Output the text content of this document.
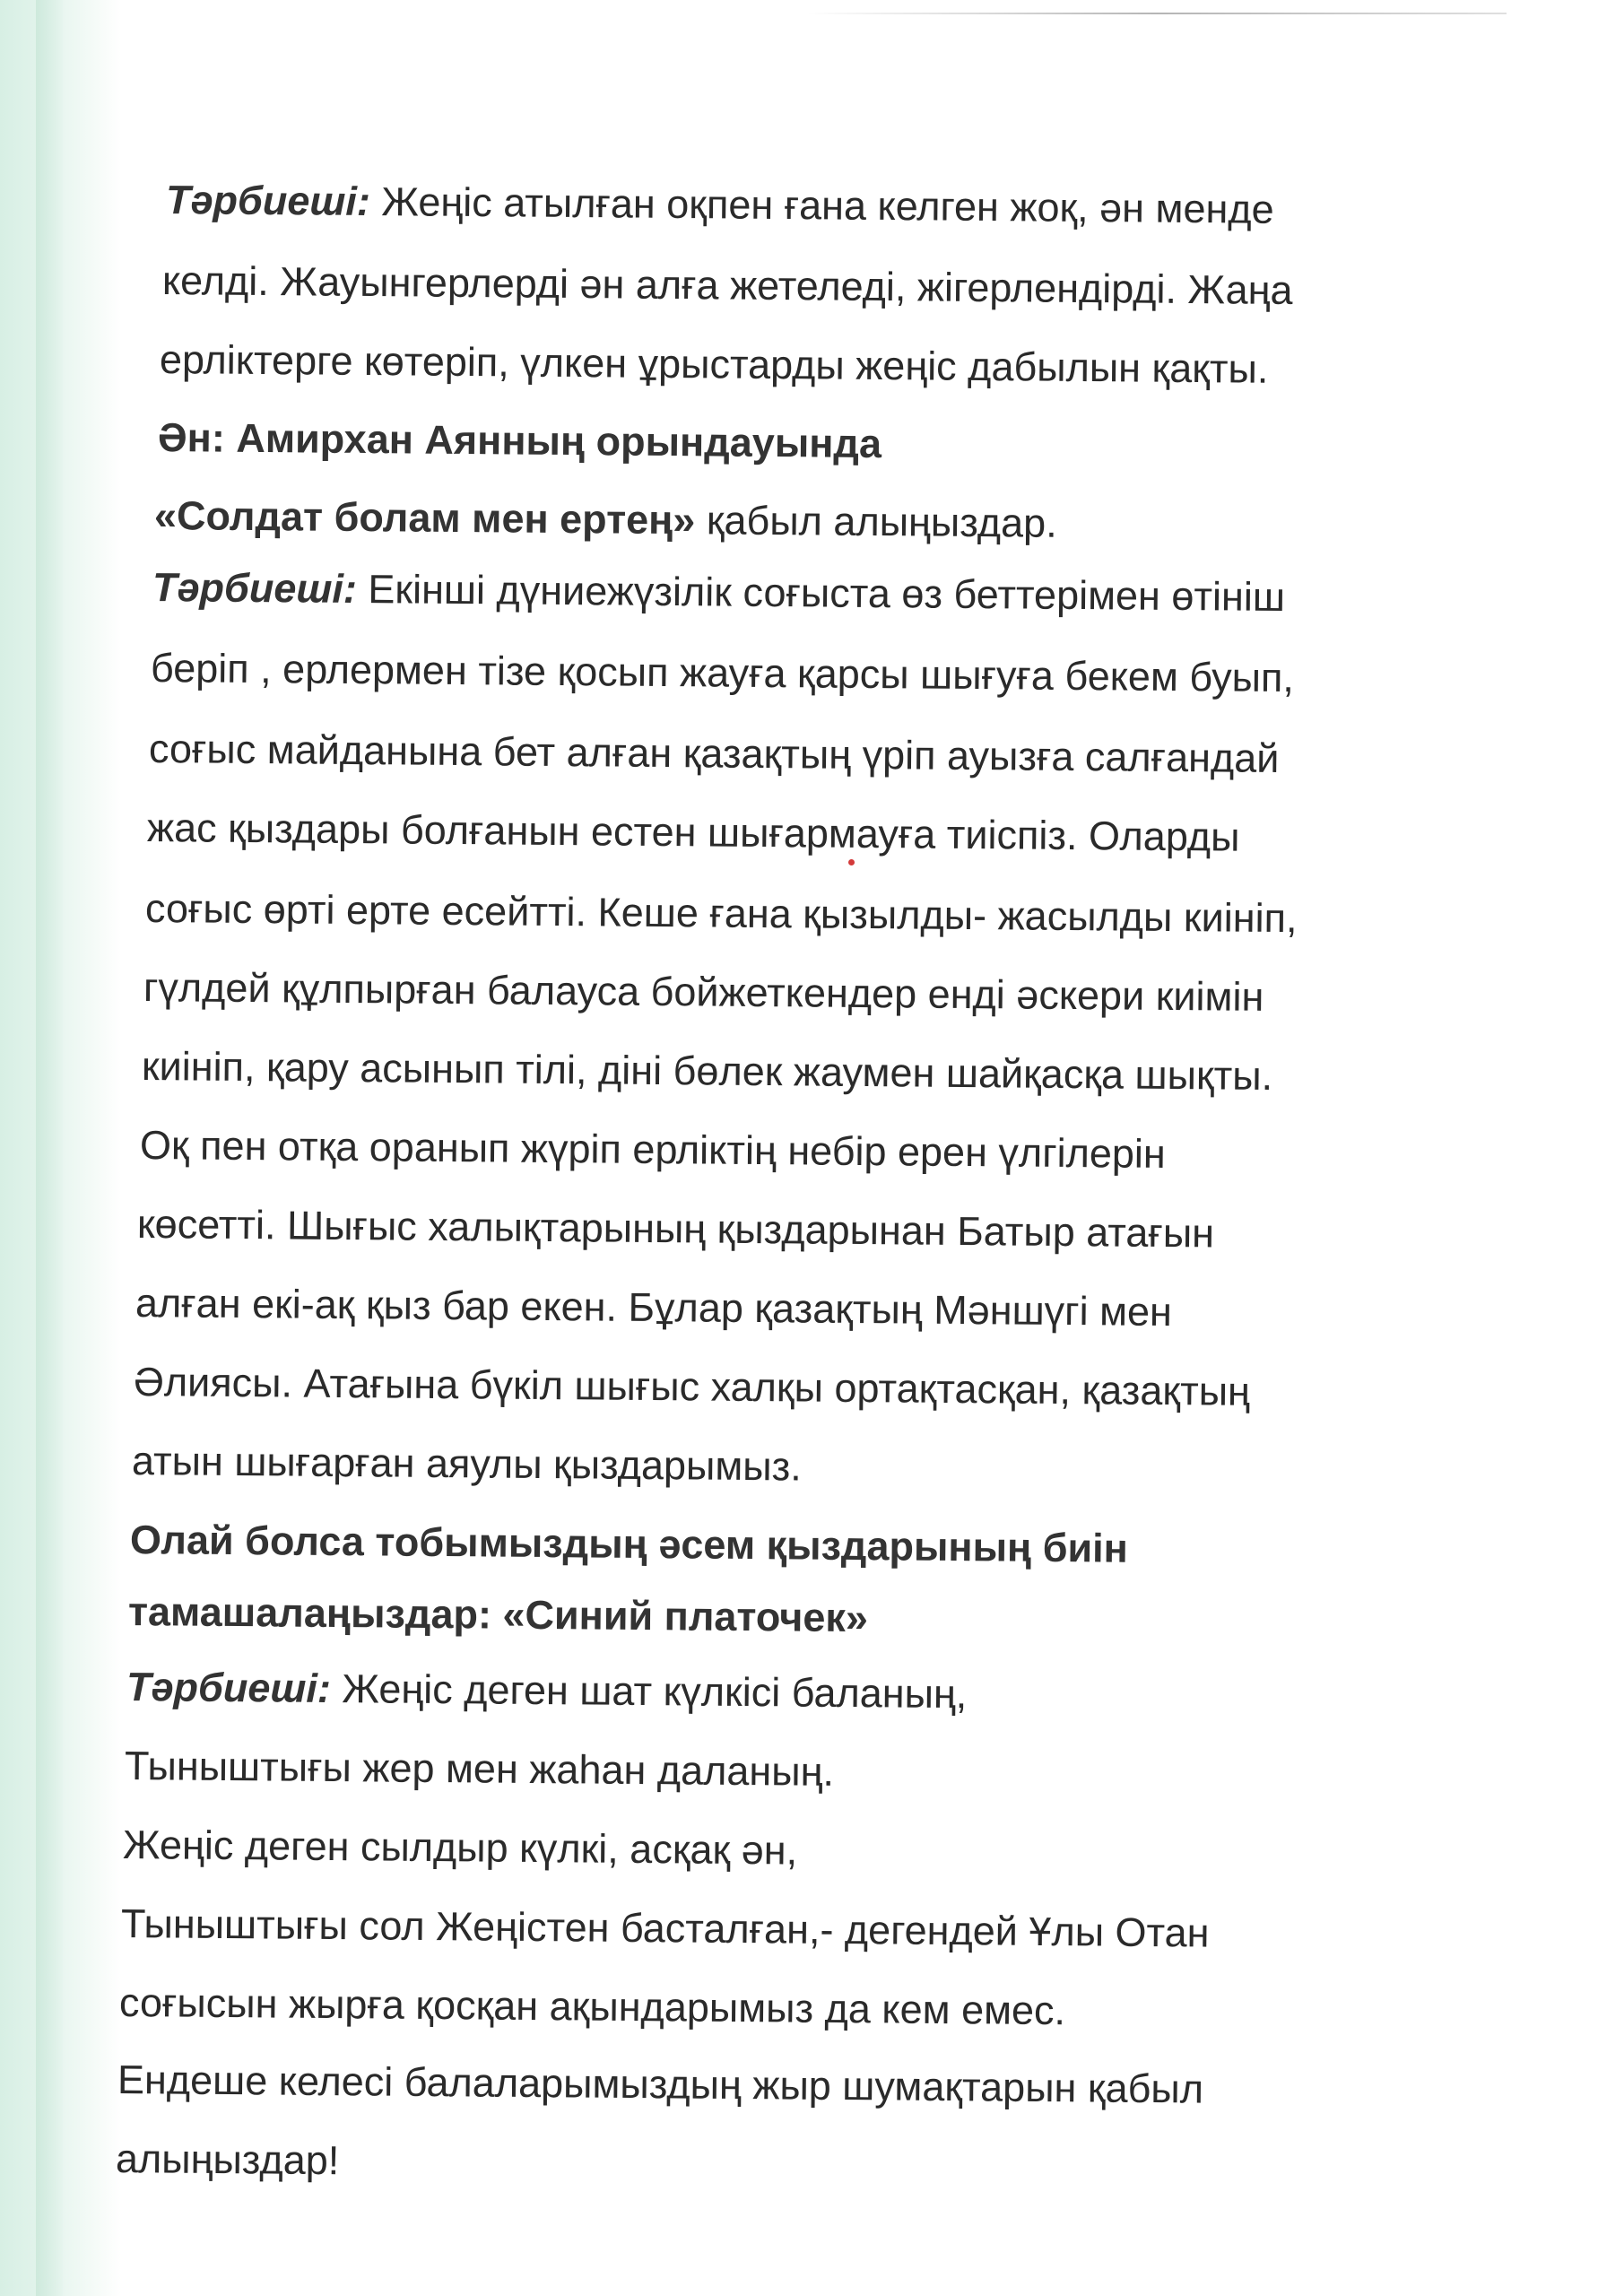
Тәрбиеші: Жеңіс атылған оқпен ғана келген жоқ, ән менде
келді. Жауынгерлерді ән алға жетеледі, жігерлендірді. Жаңа
ерліктерге көтеріп, үлкен ұрыстарды жеңіс дабылын қақты.
Ән: Амирхан Аянның орындауында
«Солдат болам мен ертең» қабыл алыңыздар.
Тәрбиеші: Екінші дүниежүзілік соғыста өз беттерімен өтініш
беріп , ерлермен тізе қосып жауға қарсы шығуға бекем буып,
соғыс майданына бет алған қазақтың үріп ауызға салғандай
жас қыздары болғанын естен шығармауға тиіспіз. Оларды
соғыс өрті ерте есейтті. Кеше ғана қызылды- жасылды киініп,
гүлдей құлпырған балауса бойжеткендер енді әскери киімін
киініп, қару асынып тілі, діні бөлек жаумен шайқасқа шықты.
Оқ пен отқа оранып жүріп ерліктің небір ерен үлгілерін
көсетті. Шығыс халықтарының қыздарынан Батыр атағын
алған екі-ақ қыз бар екен. Бұлар қазақтың Мәншүгі мен
Әлиясы. Атағына бүкіл шығыс халқы ортақтасқан, қазақтың
атын шығарған аяулы қыздарымыз.
Олай болса тобымыздың әсем қыздарының биін
тамашалаңыздар: «Синий платочек»
Тәрбиеші: Жеңіс деген шат күлкісі баланың,
Тыныштығы жер мен жаһан даланың.
Жеңіс деген сылдыр күлкі, асқақ ән,
Тыныштығы сол Жеңістен басталған,- дегендей Ұлы Отан
соғысын жырға қосқан ақындарымыз да кем емес.
Ендеше келесі балаларымыздың жыр шумақтарын қабыл
алыңыздар!
